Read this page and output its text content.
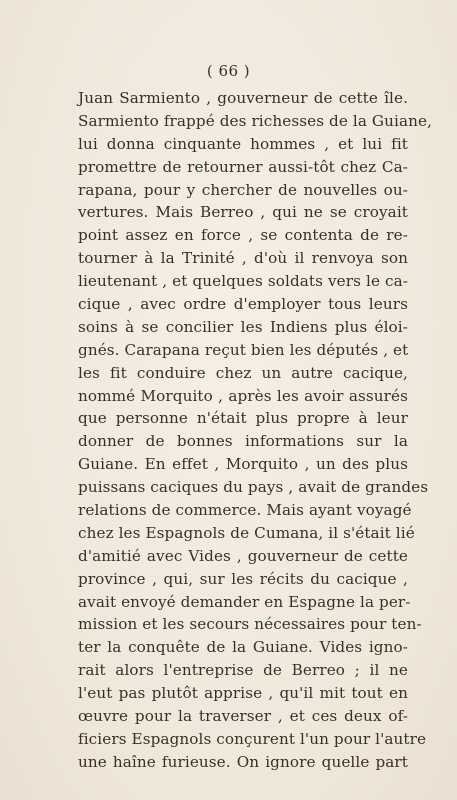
( 66 )
Juan Sarmiento , gouverneur de cette île.
Sarmiento frappé des richesses de la Guiane,
lui donna cinquante hommes , et lui fit
promettre de retourner aussi-tôt chez Ca-
rapana, pour y chercher de nouvelles ou-
vertures. Mais Berreo , qui ne se croyait
point assez en force , se contenta de re-
tourner à la Trinité , d'où il renvoya son
lieutenant , et quelques soldats vers le ca-
cique , avec ordre d'employer tous leurs
soins à se concilier les Indiens plus éloi-
gnés. Carapana reçut bien les députés , et
les fit conduire chez un autre cacique,
nommé Morquito , après les avoir assurés
que personne n'était plus propre à leur
donner de bonnes informations sur la
Guiane. En effet , Morquito , un des plus
puissans caciques du pays , avait de grandes
relations de commerce. Mais ayant voyagé
chez les Espagnols de Cumana, il s'était lié
d'amitié avec Vides , gouverneur de cette
province , qui, sur les récits du cacique ,
avait envoyé demander en Espagne la per-
mission et les secours nécessaires pour ten-
ter la conquête de la Guiane. Vides igno-
rait alors l'entreprise de Berreo ; il ne
l'eut pas plutôt apprise , qu'il mit tout en
œuvre pour la traverser , et ces deux of-
ficiers Espagnols conçurent l'un pour l'autre
une haîne furieuse. On ignore quelle part
